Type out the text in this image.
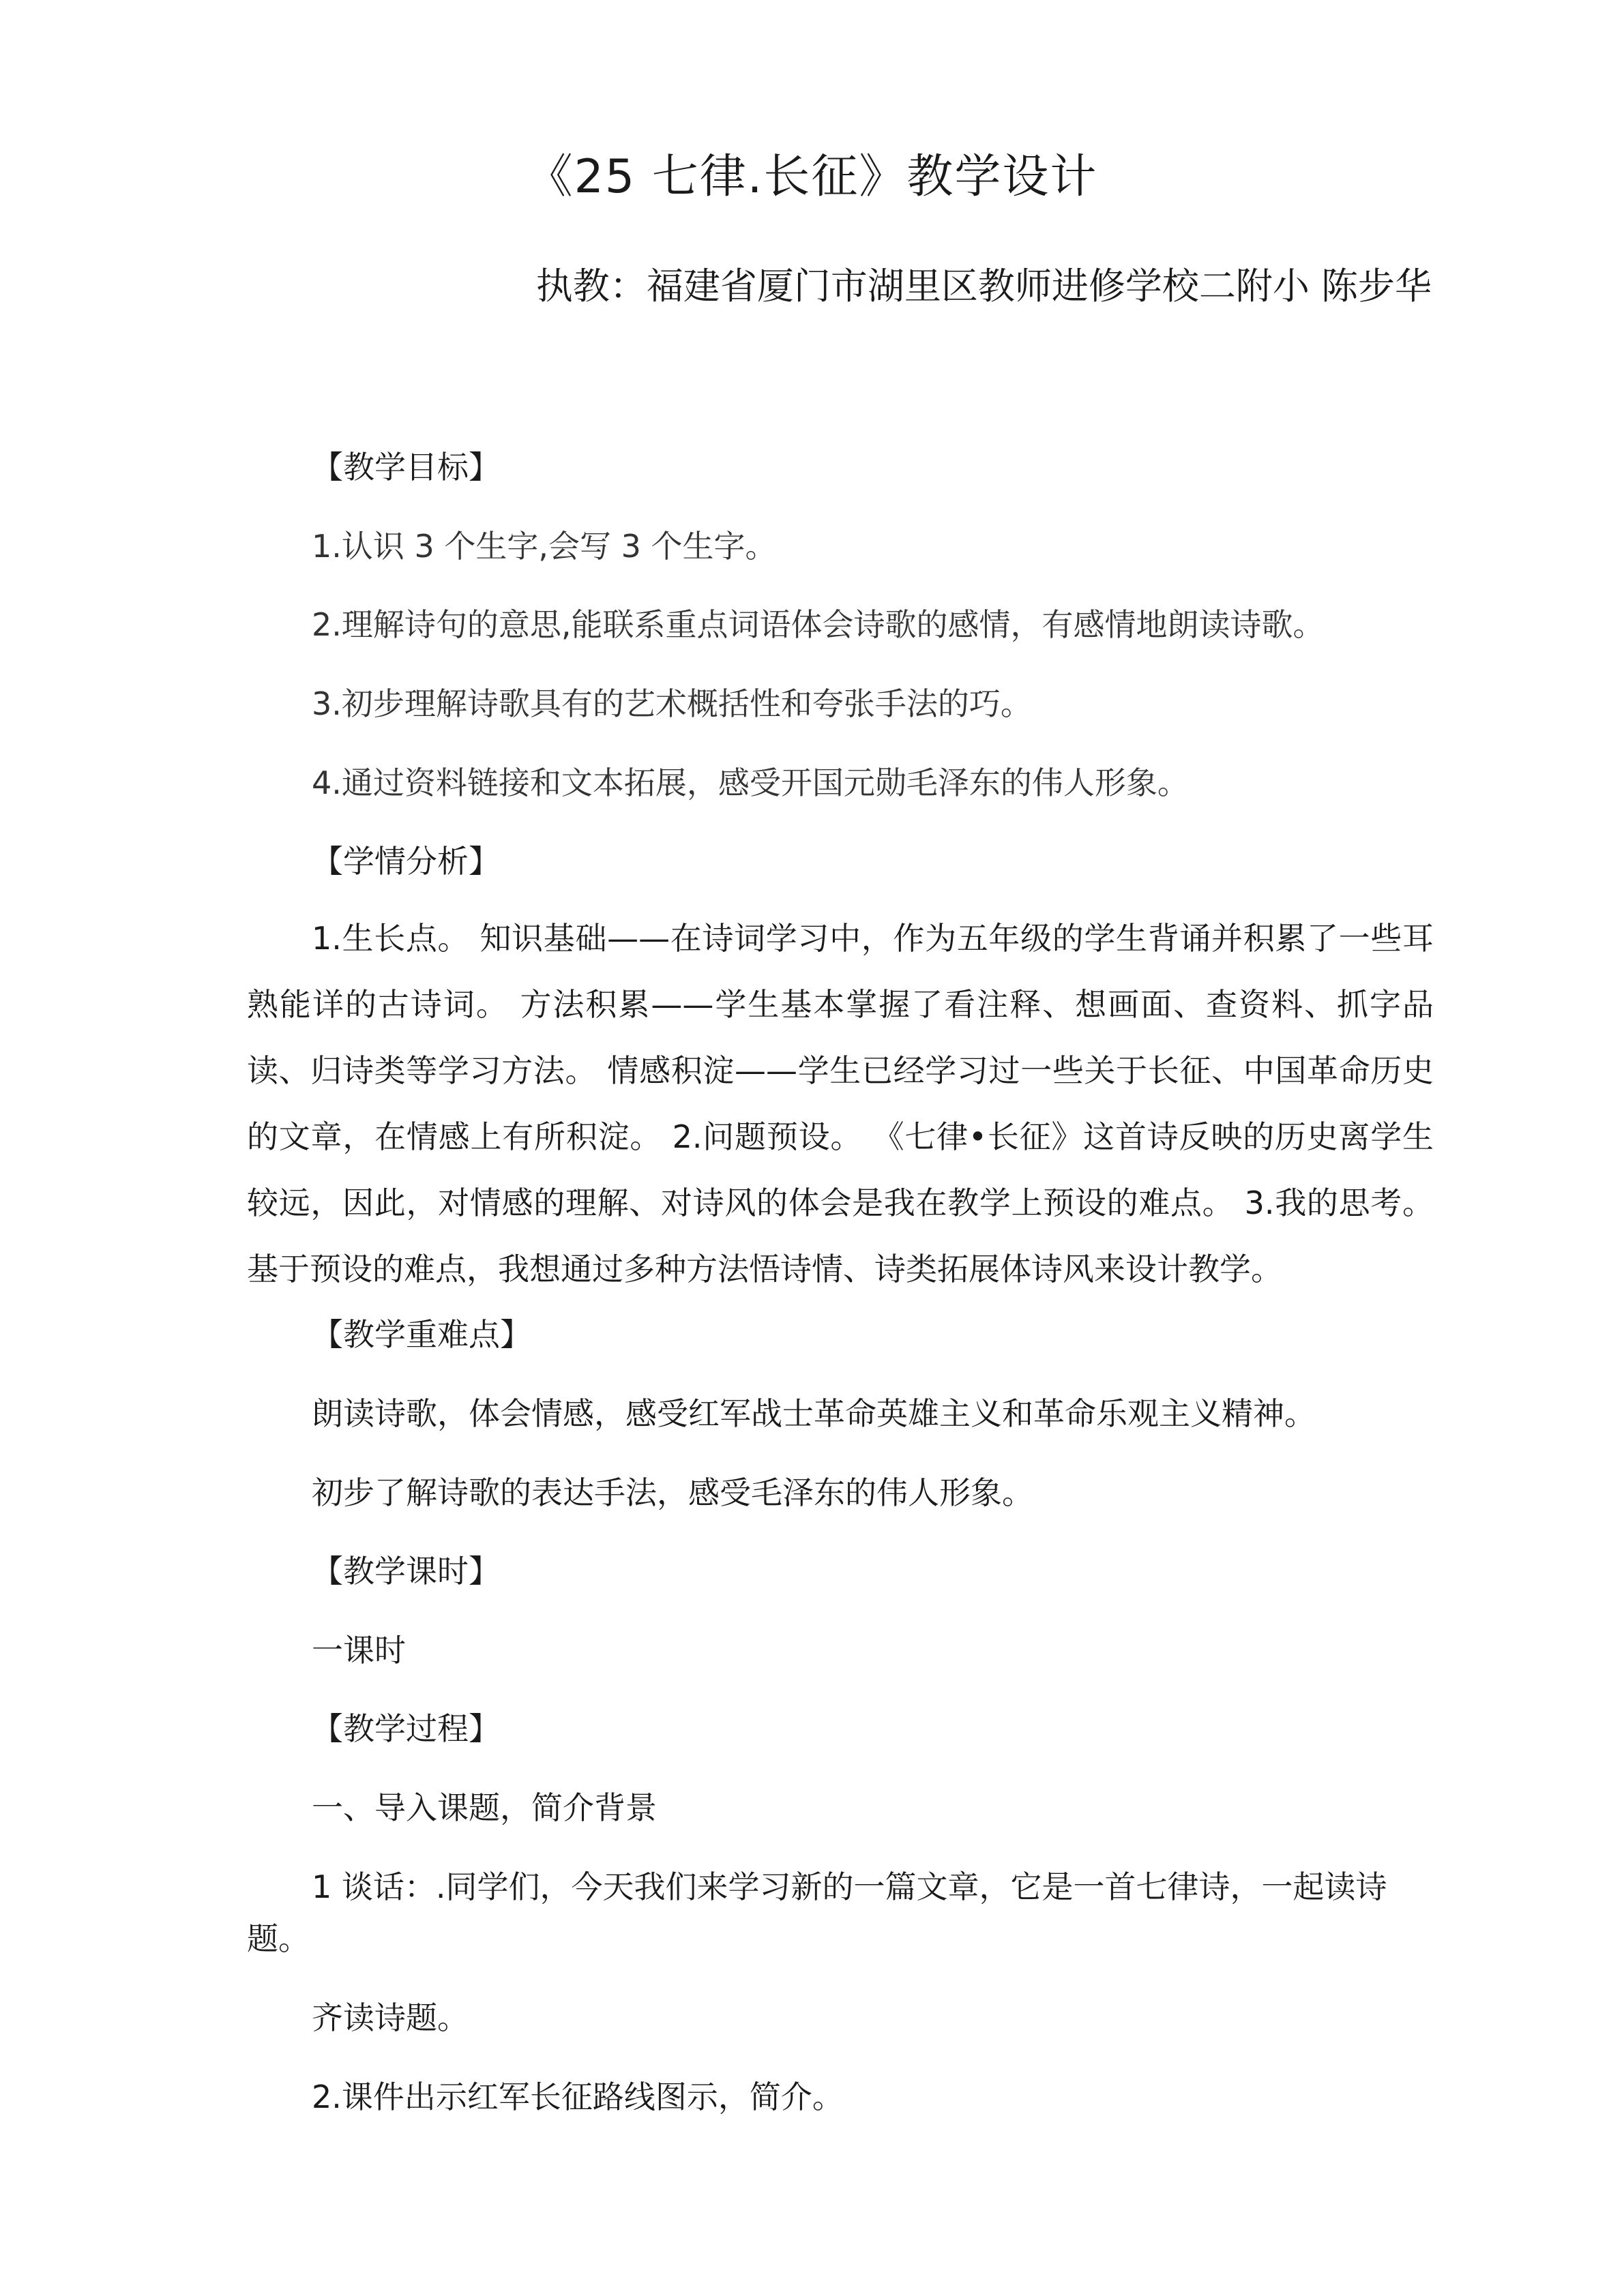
《25 七律.长征》教学设计
执教：福建省厦门市湖里区教师进修学校二附小 陈步华
【教学目标】
1.认识 3 个生字,会写 3 个生字。
2.理解诗句的意思,能联系重点词语体会诗歌的感情，有感情地朗读诗歌。
3.初步理解诗歌具有的艺术概括性和夸张手法的巧。
4.通过资料链接和文本拓展，感受开国元勋毛泽东的伟人形象。
【学情分析】
1.生长点。 知识基础——在诗词学习中，作为五年级的学生背诵并积累了一些耳熟能详的古诗词。 方法积累——学生基本掌握了看注释、想画面、查资料、抓字品读、归诗类等学习方法。 情感积淀——学生已经学习过一些关于长征、中国革命历史的文章，在情感上有所积淀。 2.问题预设。 《七律•长征》这首诗反映的历史离学生较远，因此，对情感的理解、对诗风的体会是我在教学上预设的难点。 3.我的思考。 基于预设的难点，我想通过多种方法悟诗情、诗类拓展体诗风来设计教学。
【教学重难点】
朗读诗歌，体会情感，感受红军战士革命英雄主义和革命乐观主义精神。
初步了解诗歌的表达手法，感受毛泽东的伟人形象。
【教学课时】
一课时
【教学过程】
一、导入课题，简介背景
1 谈话：.同学们，今天我们来学习新的一篇文章，它是一首七律诗，一起读诗
题。
齐读诗题。
2.课件出示红军长征路线图示，简介。
